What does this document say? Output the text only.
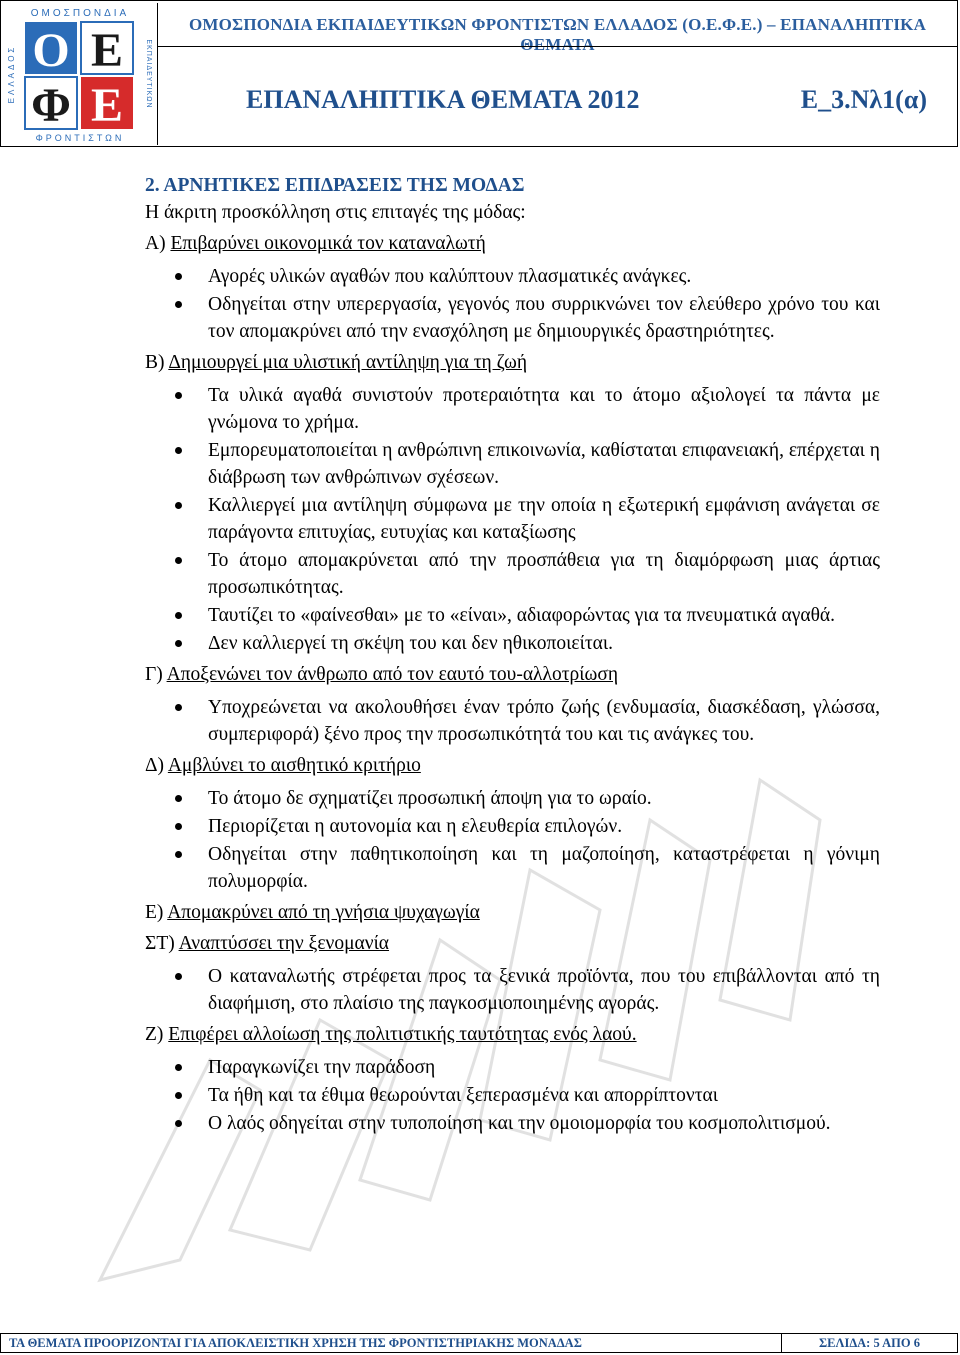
ΟΜΟΣΠΟΝΔΙΑ
ΦΡΟΝΤΙΣΤΩΝ
ΕΛΛΑΔΟΣ	ΕΚΠΑΙΔΕΥΤΙΚΩΝ
Ο Ε
Φ Ε
ΟΜΟΣΠΟΝΔΙΑ ΕΚΠΑΙΔΕΥΤΙΚΩΝ ΦΡΟΝΤΙΣΤΩΝ ΕΛΛΑΔΟΣ (Ο.Ε.Φ.Ε.) – ΕΠΑΝΑΛΗΠΤΙΚΑ ΘΕΜΑΤΑ
ΕΠΑΝΑΛΗΠΤΙΚΑ ΘΕΜΑΤΑ 2012	Ε_3.Νλ1(α)

2. ΑΡΝΗΤΙΚΕΣ ΕΠΙΔΡΑΣΕΙΣ ΤΗΣ ΜΟΔΑΣ

Η άκριτη προσκόλληση στις επιταγές της μόδας:

Α) Επιβαρύνει οικονομικά τον καταναλωτή

Αγορές υλικών αγαθών που καλύπτουν πλασματικές ανάγκες.
Οδηγείται στην υπερεργασία, γεγονός που συρρικνώνει τον ελεύθερο χρόνο του και τον απομακρύνει από την ενασχόληση με δημιουργικές δραστηριότητες.

Β) Δημιουργεί μια υλιστική αντίληψη για τη ζωή

Τα υλικά αγαθά συνιστούν προτεραιότητα και το άτομο αξιολογεί τα πάντα με γνώμονα το χρήμα.
Εμπορευματοποιείται η ανθρώπινη επικοινωνία, καθίσταται επιφανειακή, επέρχεται η διάβρωση των ανθρώπινων σχέσεων.
Καλλιεργεί μια αντίληψη σύμφωνα με την οποία η εξωτερική εμφάνιση ανάγεται σε παράγοντα επιτυχίας, ευτυχίας και καταξίωσης
Το άτομο απομακρύνεται από την προσπάθεια για τη διαμόρφωση μιας άρτιας προσωπικότητας.
Ταυτίζει το «φαίνεσθαι» με το «είναι», αδιαφορώντας για τα πνευματικά αγαθά.
Δεν καλλιεργεί τη σκέψη του και δεν ηθικοποιείται.

Γ) Αποξενώνει τον άνθρωπο από τον εαυτό του-αλλοτρίωση

Υποχρεώνεται να ακολουθήσει έναν τρόπο ζωής (ενδυμασία, διασκέδαση, γλώσσα, συμπεριφορά) ξένο προς την προσωπικότητά του και τις ανάγκες του.

Δ) Αμβλύνει το αισθητικό κριτήριο

Το άτομο δε σχηματίζει προσωπική άποψη για το ωραίο.
Περιορίζεται η αυτονομία και η ελευθερία επιλογών.
Οδηγείται στην παθητικοποίηση και τη μαζοποίηση, καταστρέφεται η γόνιμη πολυμορφία.

Ε) Απομακρύνει από τη γνήσια ψυχαγωγία

ΣΤ) Αναπτύσσει την ξενομανία

Ο καταναλωτής στρέφεται προς τα ξενικά προϊόντα, που του επιβάλλονται από τη διαφήμιση, στο πλαίσιο της παγκοσμιοποιημένης αγοράς.

Ζ) Επιφέρει αλλοίωση της πολιτιστικής ταυτότητας ενός λαού.

Παραγκωνίζει την παράδοση
Τα ήθη και τα έθιμα θεωρούνται ξεπερασμένα και απορρίπτονται
Ο λαός οδηγείται στην τυποποίηση και την ομοιομορφία του κοσμοπολιτισμού.
ΤΑ ΘΕΜΑΤΑ ΠΡΟΟΡΙΖΟΝΤΑΙ ΓΙΑ ΑΠΟΚΛΕΙΣΤΙΚΗ ΧΡΗΣΗ ΤΗΣ ΦΡΟΝΤΙΣΤΗΡΙΑΚΗΣ ΜΟΝΑΔΑΣ	ΣΕΛΙΔΑ: 5 ΑΠΟ 6
